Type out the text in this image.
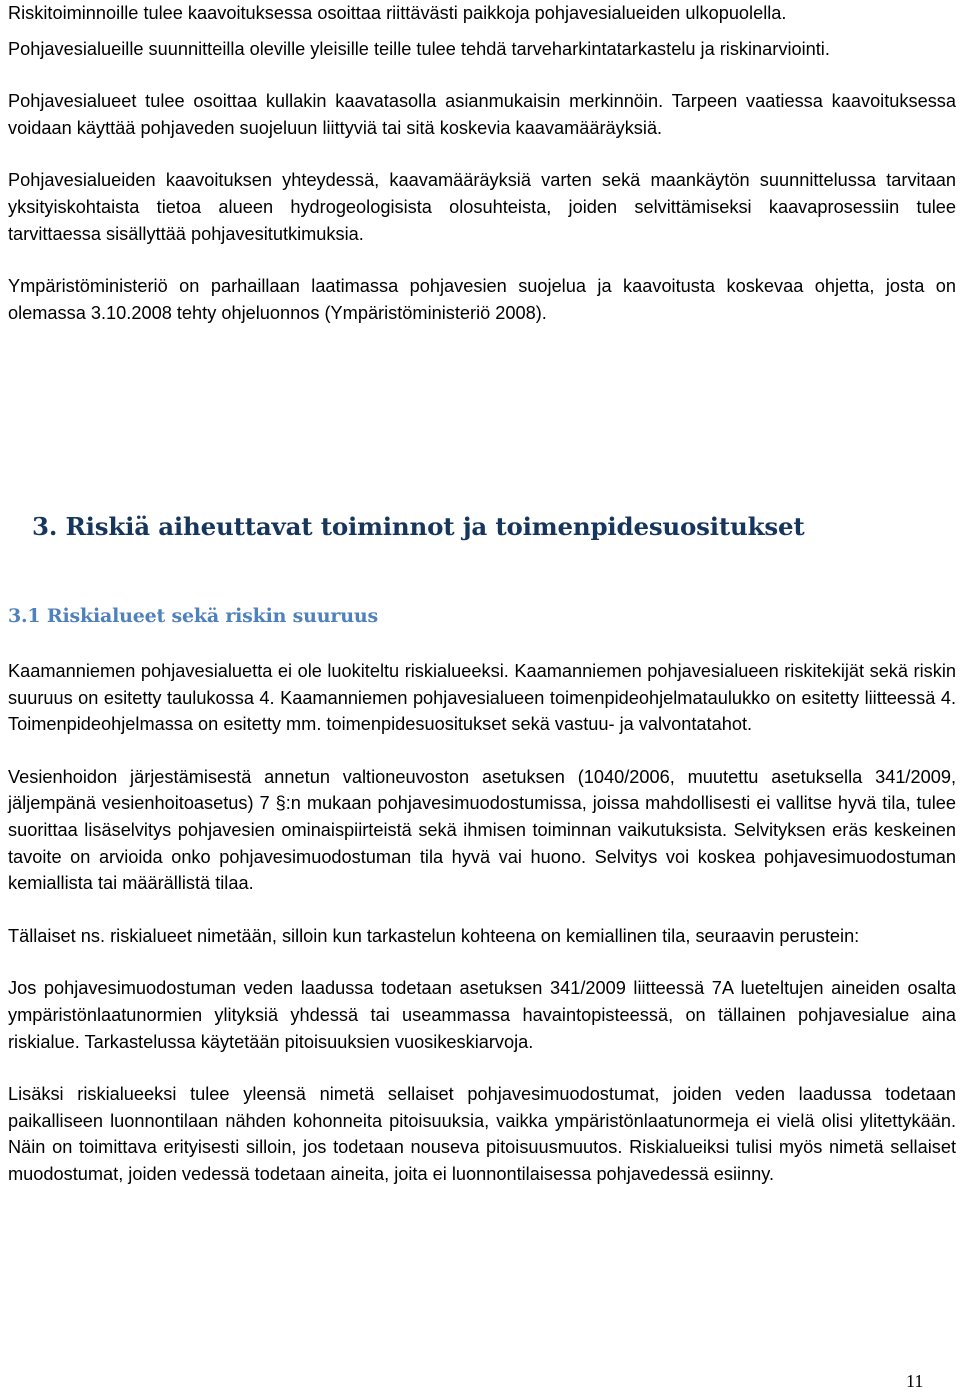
Riskitoiminnoille tulee kaavoituksessa osoittaa riittävästi paikkoja pohjavesialueiden ulkopuolella.

Pohjavesialueille suunnitteilla oleville yleisille teille tulee tehdä tarveharkintatarkastelu ja riskinarviointi.

Pohjavesialueet tulee osoittaa kullakin kaavatasolla asianmukaisin merkinnöin. Tarpeen vaatiessa kaavoituksessa voidaan käyttää pohjaveden suojeluun liittyviä tai sitä koskevia kaavamääräyksiä.

Pohjavesialueiden kaavoituksen yhteydessä, kaavamääräyksiä varten sekä maankäytön suunnittelussa tarvitaan yksityiskohtaista tietoa alueen hydrogeologisista olosuhteista, joiden selvittämiseksi kaavaprosessiin tulee tarvittaessa sisällyttää pohjavesitutkimuksia.

Ympäristöministeriö on parhaillaan laatimassa pohjavesien suojelua ja kaavoitusta koskevaa ohjetta, josta on olemassa 3.10.2008 tehty ohjeluonnos (Ympäristöministeriö 2008).

3. Riskiä aiheuttavat toiminnot ja toimenpidesuositukset
3.1 Riskialueet sekä riskin suuruus

Kaamanniemen pohjavesialuetta ei ole luokiteltu riskialueeksi. Kaamanniemen pohjavesialueen riskitekijät sekä riskin suuruus on esitetty taulukossa 4. Kaamanniemen pohjavesialueen toimenpideohjelmataulukko on esitetty liitteessä 4. Toimenpideohjelmassa on esitetty mm. toimenpidesuositukset sekä vastuu- ja valvontatahot.

Vesienhoidon järjestämisestä annetun valtioneuvoston asetuksen (1040/2006, muutettu asetuksella 341/2009, jäljempänä vesienhoitoasetus) 7 §:n mukaan pohjavesimuodostumissa, joissa mahdollisesti ei vallitse hyvä tila, tulee suorittaa lisäselvitys pohjavesien ominaispiirteistä sekä ihmisen toiminnan vaikutuksista. Selvityksen eräs keskeinen tavoite on arvioida onko pohjavesimuodostuman tila hyvä vai huono. Selvitys voi koskea pohjavesimuodostuman kemiallista tai määrällistä tilaa.

Tällaiset ns. riskialueet nimetään, silloin kun tarkastelun kohteena on kemiallinen tila, seuraavin perustein:

Jos pohjavesimuodostuman veden laadussa todetaan asetuksen 341/2009 liitteessä 7A lueteltujen aineiden osalta ympäristönlaatunormien ylityksiä yhdessä tai useammassa havaintopisteessä, on tällainen pohjavesialue aina riskialue. Tarkastelussa käytetään pitoisuuksien vuosikeskiarvoja.

Lisäksi riskialueeksi tulee yleensä nimetä sellaiset pohjavesimuodostumat, joiden veden laadussa todetaan paikalliseen luonnontilaan nähden kohonneita pitoisuuksia, vaikka ympäristönlaatunormeja ei vielä olisi ylitettykään. Näin on toimittava erityisesti silloin, jos todetaan nouseva pitoisuusmuutos. Riskialueiksi tulisi myös nimetä sellaiset muodostumat, joiden vedessä todetaan aineita, joita ei luonnontilaisessa pohjavedessä esiinny.

11
